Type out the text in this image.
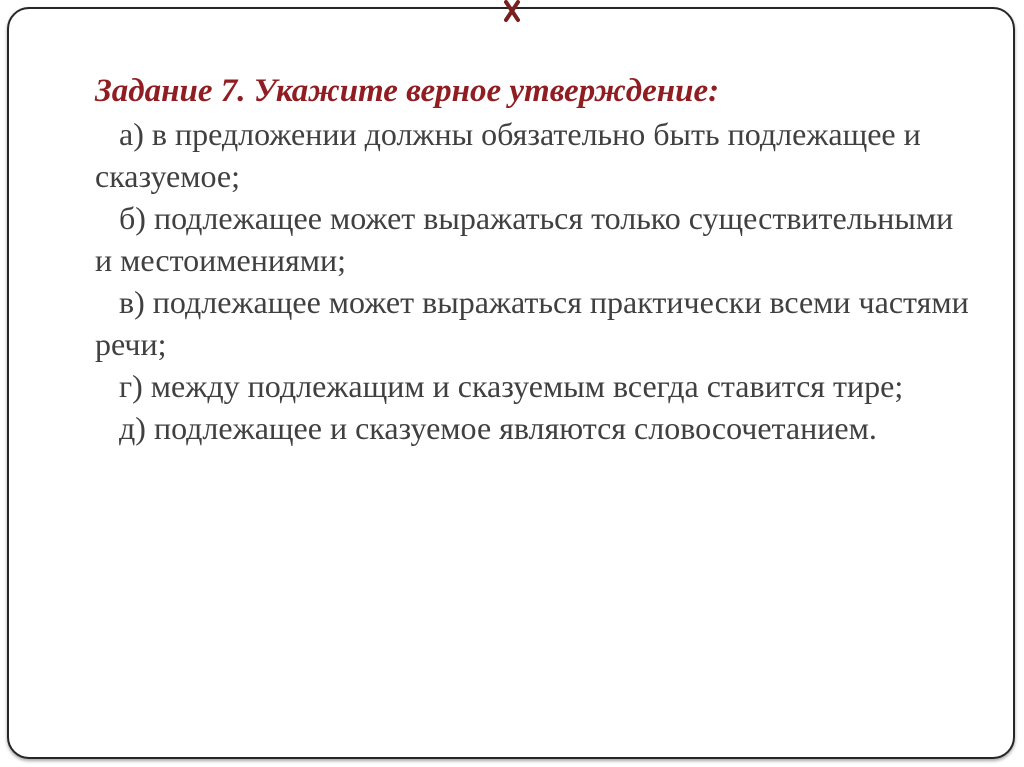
Задание 7. Укажите верное утверждение:

а) в предложении должны обязательно быть подлежащее и сказуемое;
б) подлежащее может выражаться только существительными и местоимениями;
в) подлежащее может выражаться практически всеми частями речи;
г) между подлежащим и сказуемым всегда ставится тире;
д) подлежащее и сказуемое являются словосочетанием.
